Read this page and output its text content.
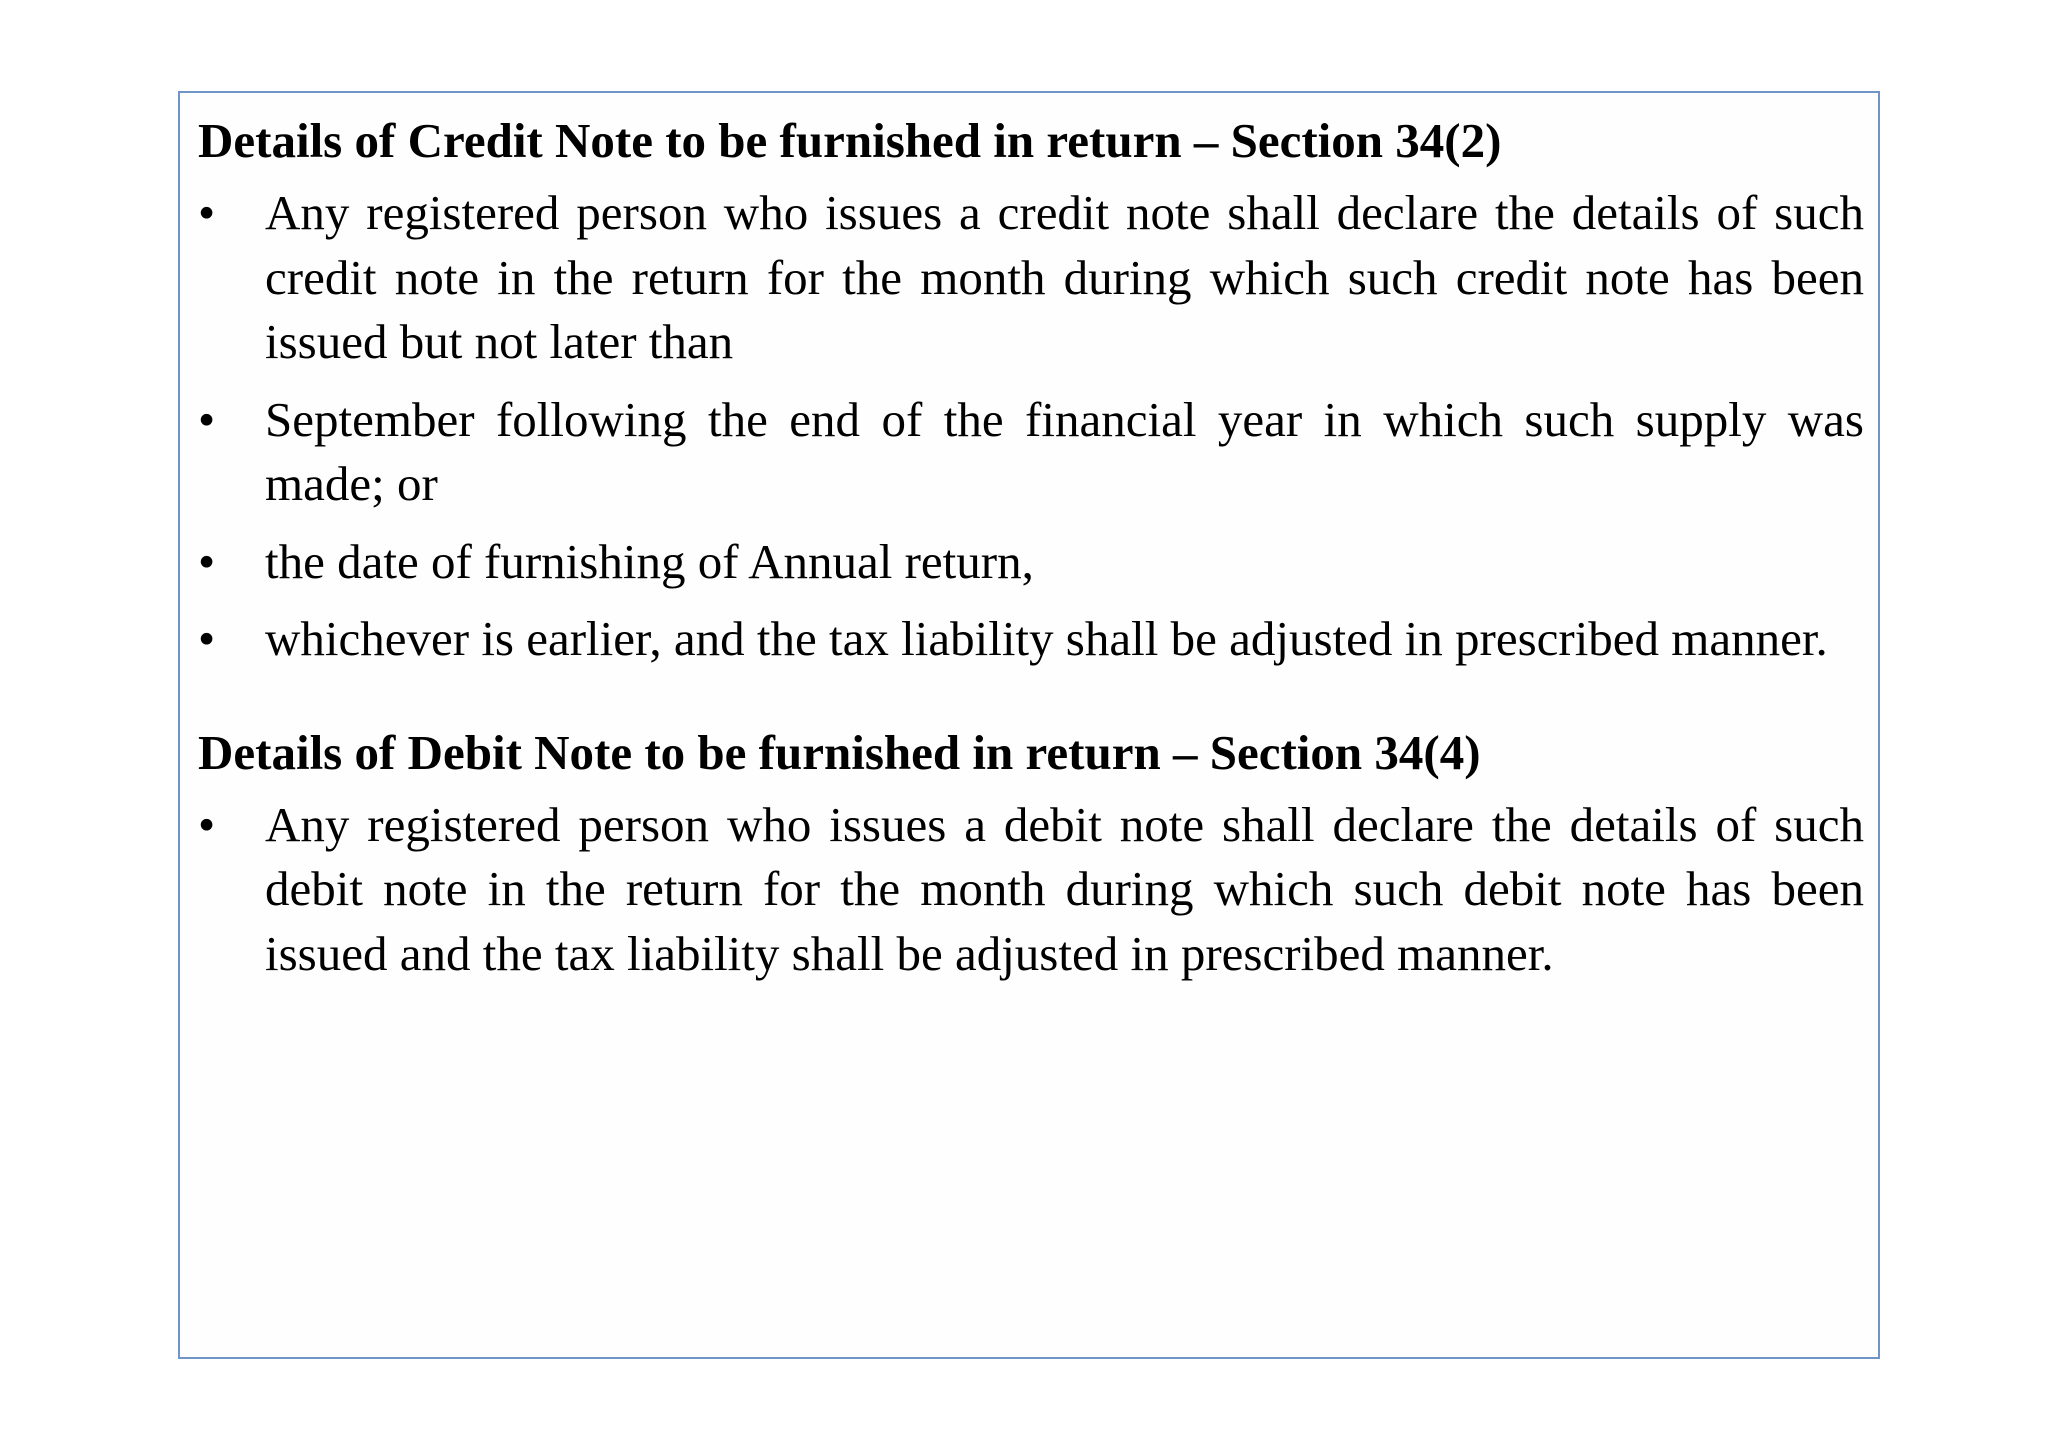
Details of Credit Note to be furnished in return – Section 34(2)
• Any registered person who issues a credit note shall declare the details of such credit note in the return for the month during which such credit note has been issued but not later than
• September following the end of the financial year in which such supply was made; or
• the date of furnishing of Annual return,
• whichever is earlier, and the tax liability shall be adjusted in prescribed manner.
Details of Debit Note to be furnished in return – Section 34(4)
• Any registered person who issues a debit note shall declare the details of such debit note in the return for the month during which such debit note has been issued and the tax liability shall be adjusted in prescribed manner.
